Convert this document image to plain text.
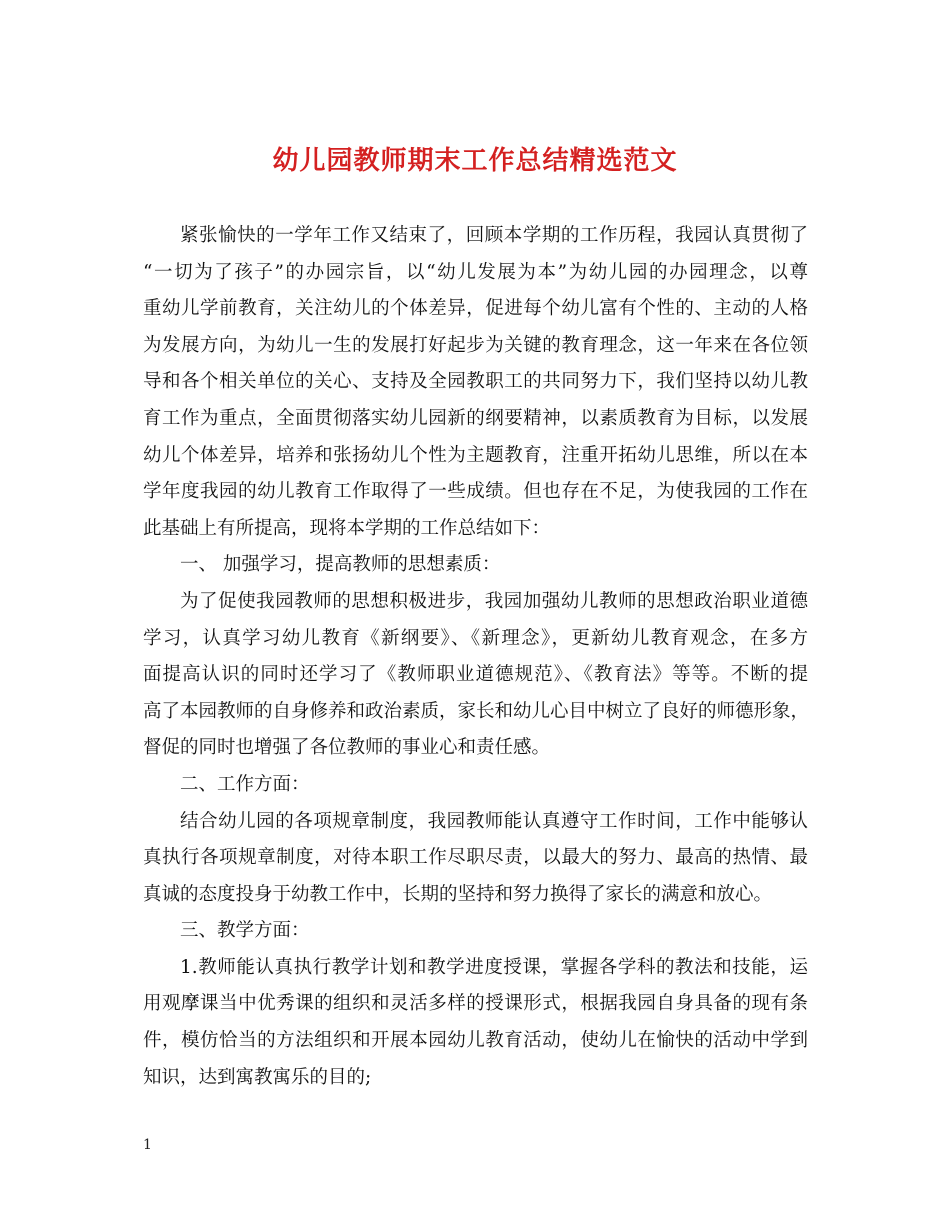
幼儿园教师期末工作总结精选范文
紧张愉快的一学年工作又结束了，回顾本学期的工作历程，我园认真贯彻了
“一切为了孩子”的办园宗旨，以“幼儿发展为本”为幼儿园的办园理念，以尊
重幼儿学前教育，关注幼儿的个体差异，促进每个幼儿富有个性的、主动的人格
为发展方向，为幼儿一生的发展打好起步为关键的教育理念，这一年来在各位领
导和各个相关单位的关心、支持及全园教职工的共同努力下，我们坚持以幼儿教
育工作为重点，全面贯彻落实幼儿园新的纲要精神，以素质教育为目标，以发展
幼儿个体差异，培养和张扬幼儿个性为主题教育，注重开拓幼儿思维，所以在本
学年度我园的幼儿教育工作取得了一些成绩。但也存在不足，为使我园的工作在
此基础上有所提高，现将本学期的工作总结如下：
一、 加强学习，提高教师的思想素质：
为了促使我园教师的思想积极进步，我园加强幼儿教师的思想政治职业道德
学习，认真学习幼儿教育《新纲要》、《新理念》，更新幼儿教育观念，在多方
面提高认识的同时还学习了《教师职业道德规范》、《教育法》等等。不断的提
高了本园教师的自身修养和政治素质，家长和幼儿心目中树立了良好的师德形象，
督促的同时也增强了各位教师的事业心和责任感。
二、工作方面：
结合幼儿园的各项规章制度，我园教师能认真遵守工作时间，工作中能够认
真执行各项规章制度，对待本职工作尽职尽责，以最大的努力、最高的热情、最
真诚的态度投身于幼教工作中，长期的坚持和努力换得了家长的满意和放心。
三、教学方面：
1.教师能认真执行教学计划和教学进度授课，掌握各学科的教法和技能，运
用观摩课当中优秀课的组织和灵活多样的授课形式，根据我园自身具备的现有条
件，模仿恰当的方法组织和开展本园幼儿教育活动，使幼儿在愉快的活动中学到
知识，达到寓教寓乐的目的;
1
